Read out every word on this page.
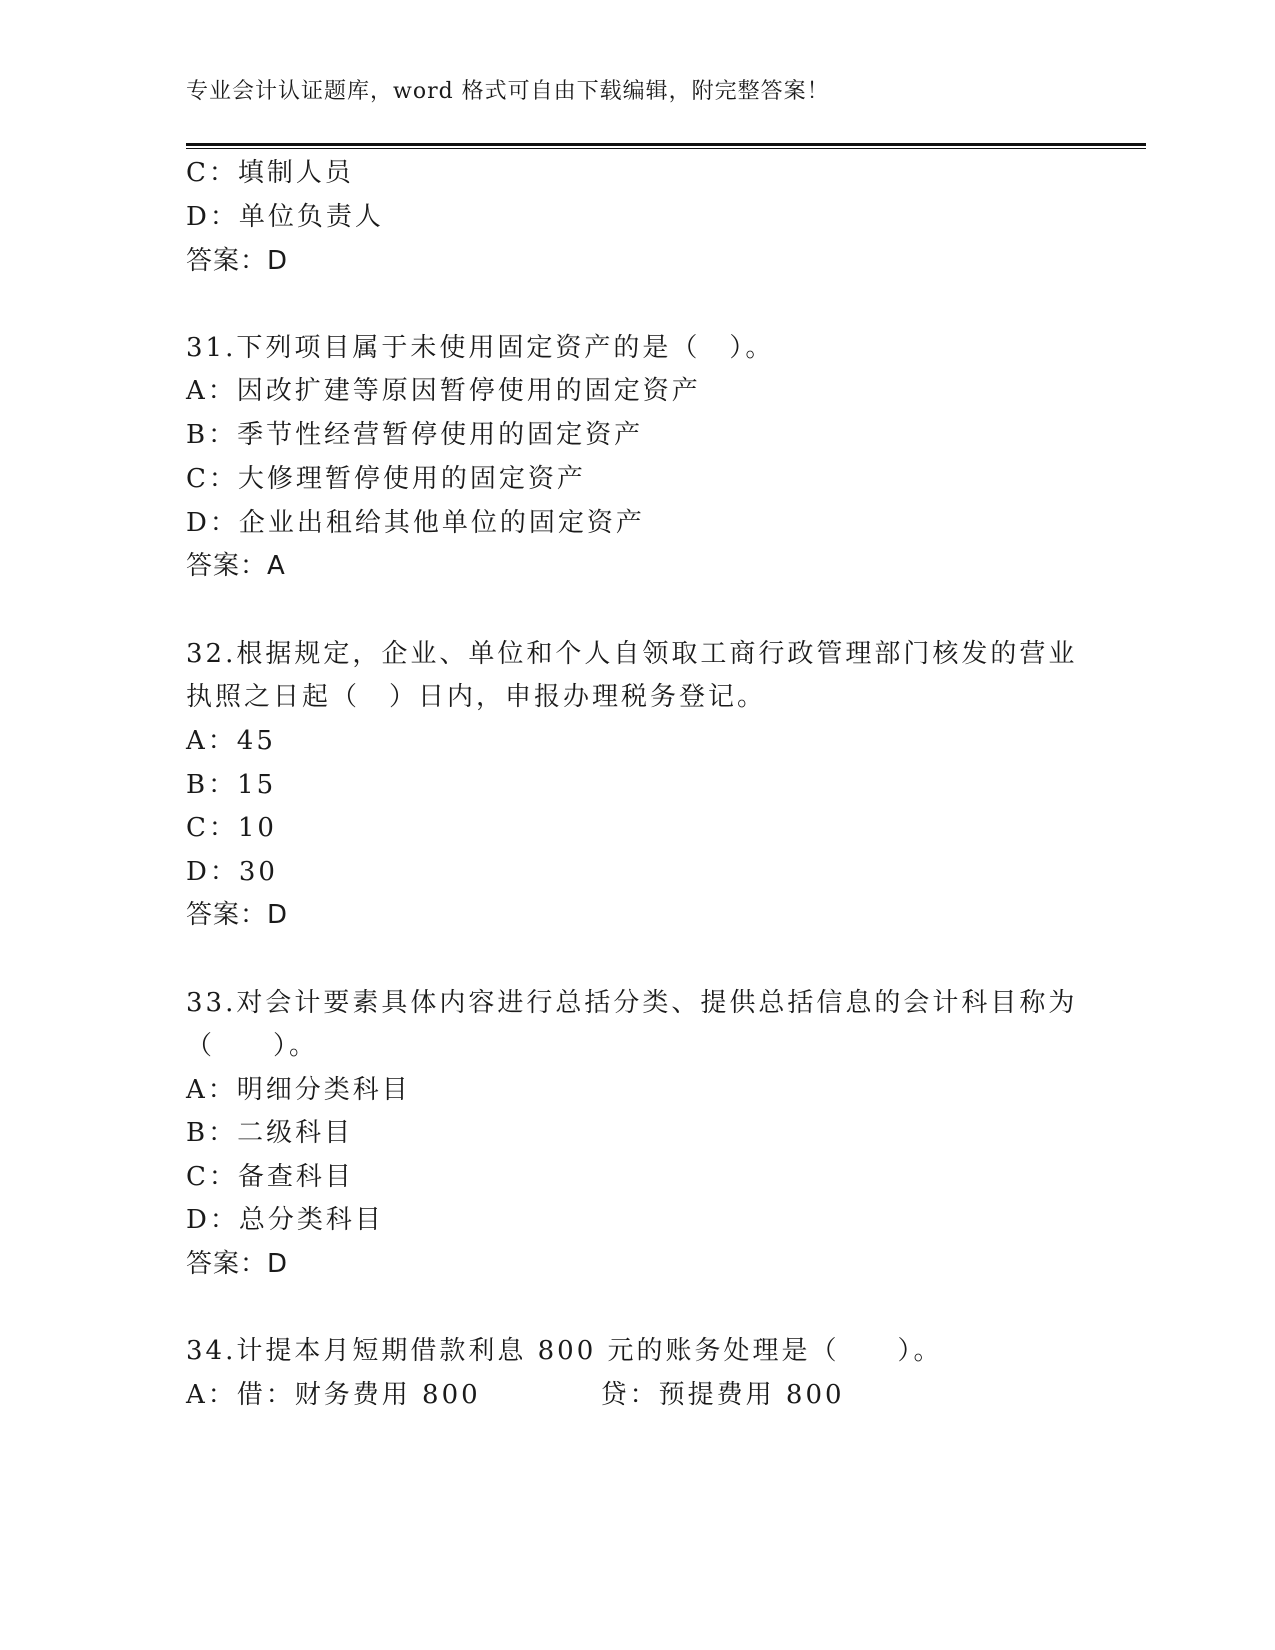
专业会计认证题库，word 格式可自由下载编辑，附完整答案！
C：填制人员
D：单位负责人
答案：D
31.下列项目属于未使用固定资产的是（　）。
A：因改扩建等原因暂停使用的固定资产
B：季节性经营暂停使用的固定资产
C：大修理暂停使用的固定资产
D：企业出租给其他单位的固定资产
答案：A
32.根据规定，企业、单位和个人自领取工商行政管理部门核发的营业
执照之日起（　）日内，申报办理税务登记。
A：45
B：15
C：10
D：30
答案：D
33.对会计要素具体内容进行总括分类、提供总括信息的会计科目称为
（　　）。
A：明细分类科目
B：二级科目
C：备查科目
D：总分类科目
答案：D
34.计提本月短期借款利息 800 元的账务处理是（　　）。
A：借：财务费用 800	贷：预提费用 800
